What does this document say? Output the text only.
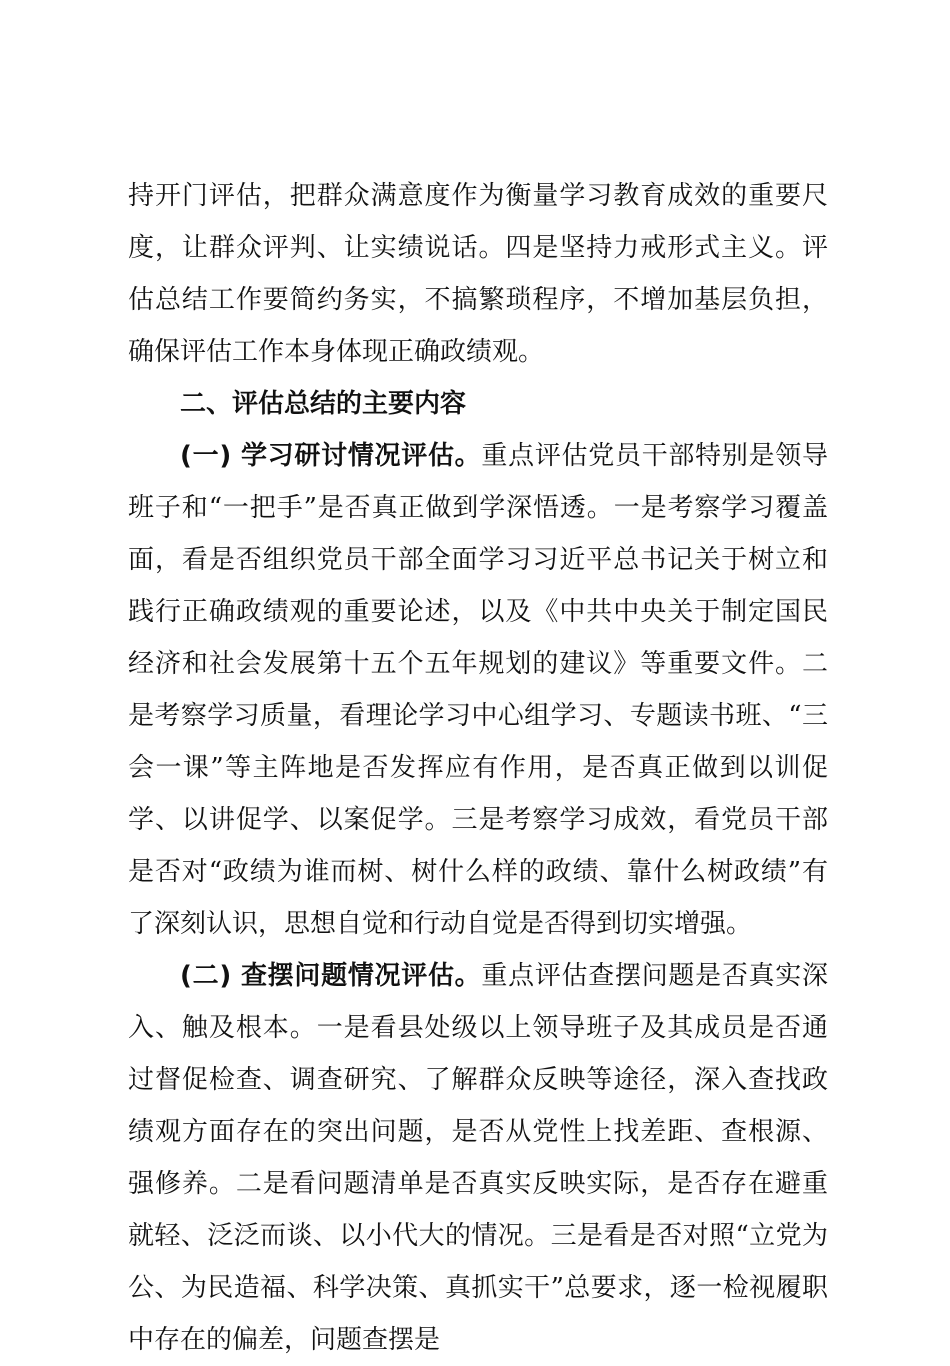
持开门评估，把群众满意度作为衡量学习教育成效的重要尺度，让群众评判、让实绩说话。四是坚持力戒形式主义。评估总结工作要简约务实，不搞繁琐程序，不增加基层负担，确保评估工作本身体现正确政绩观。

二、评估总结的主要内容

(一) 学习研讨情况评估。重点评估党员干部特别是领导班子和“一把手”是否真正做到学深悟透。一是考察学习覆盖面，看是否组织党员干部全面学习习近平总书记关于树立和践行正确政绩观的重要论述，以及《中共中央关于制定国民经济和社会发展第十五个五年规划的建议》等重要文件。二是考察学习质量，看理论学习中心组学习、专题读书班、“三会一课”等主阵地是否发挥应有作用，是否真正做到以训促学、以讲促学、以案促学。三是考察学习成效，看党员干部是否对“政绩为谁而树、树什么样的政绩、靠什么树政绩”有了深刻认识，思想自觉和行动自觉是否得到切实增强。

(二) 查摆问题情况评估。重点评估查摆问题是否真实深入、触及根本。一是看县处级以上领导班子及其成员是否通过督促检查、调查研究、了解群众反映等途径，深入查找政绩观方面存在的突出问题，是否从党性上找差距、查根源、强修养。二是看问题清单是否真实反映实际，是否存在避重就轻、泛泛而谈、以小代大的情况。三是看是否对照“立党为公、为民造福、科学决策、真抓实干”总要求，逐一检视履职中存在的偏差，问题查摆是
